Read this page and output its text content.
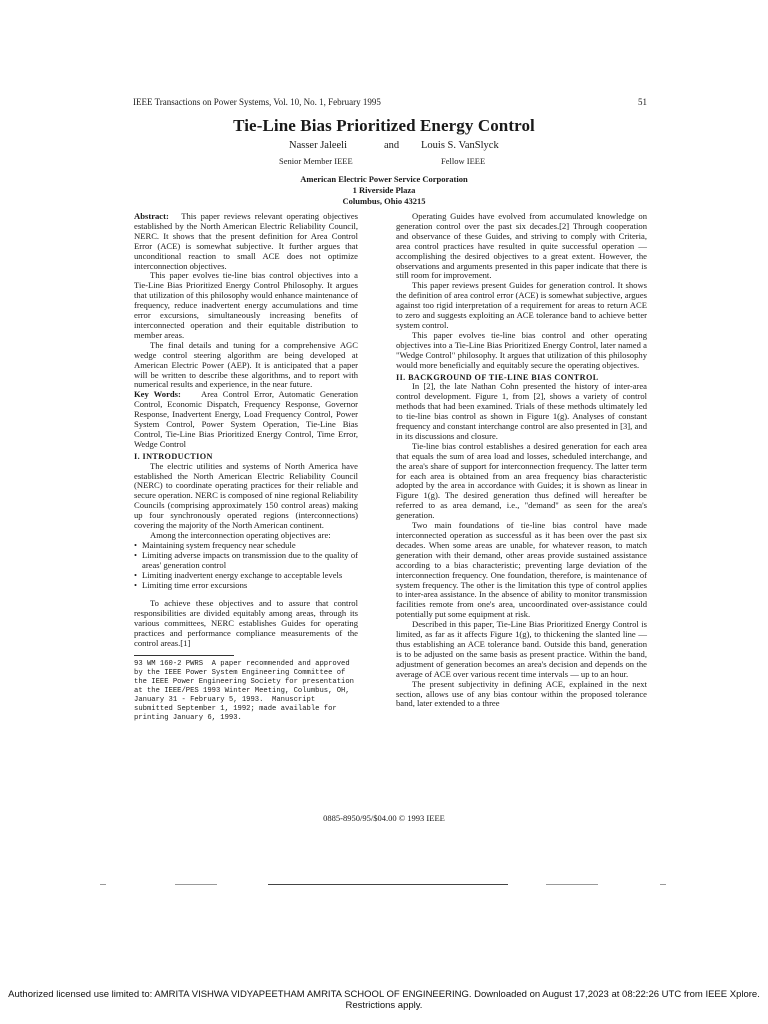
IEEE Transactions on Power Systems, Vol. 10, No. 1, February 1995	51
Tie-Line Bias Prioritized Energy Control
Nasser Jaleeli	and Louis S. VanSlyck
Senior Member IEEE	Fellow IEEE
American Electric Power Service Corporation
1 Riverside Plaza
Columbus, Ohio 43215

Abstract: This paper reviews relevant operating objectives established by the North American Electric Reliability Council, NERC. It shows that the present definition for Area Control Error (ACE) is somewhat subjective. It further argues that unconditional reaction to small ACE does not optimize interconnection objectives.

This paper evolves tie-line bias control objectives into a Tie-Line Bias Prioritized Energy Control Philosophy. It argues that utilization of this philosophy would enhance maintenance of frequency, reduce inadvertent energy accumulations and time error excursions, simultaneously increasing benefits of interconnected operation and their equitable distribution to member areas.

The final details and tuning for a comprehensive AGC wedge control steering algorithm are being developed at American Electric Power (AEP). It is anticipated that a paper will be written to describe these algorithms, and to report with numerical results and experience, in the near future.

Key Words: Area Control Error, Automatic Generation Control, Economic Dispatch, Frequency Response, Governor Response, Inadvertent Energy, Load Frequency Control, Power System Control, Power System Operation, Tie-Line Bias Control, Tie-Line Bias Prioritized Energy Control, Time Error, Wedge Control

I. INTRODUCTION

The electric utilities and systems of North America have established the North American Electric Reliability Council (NERC) to coordinate operating practices for their reliable and secure operation. NERC is composed of nine regional Reliability Councils (comprising approximately 150 control areas) making up four synchronously operated regions (interconnections) covering the majority of the North American continent.

Among the interconnection operating objectives are:

• Maintaining system frequency near schedule
• Limiting adverse impacts on transmission due to the quality of areas' generation control
• Limiting inadvertent energy exchange to acceptable levels
• Limiting time error excursions

To achieve these objectives and to assure that control responsibilities are divided equitably among areas, through its various committees, NERC establishes Guides for operating practices and performance compliance measurements of the control areas.[1]

93 WM 160-2 PWRS  A paper recommended and approved by the IEEE Power System Engineering Committee of the IEEE Power Engineering Society for presentation at the IEEE/PES 1993 Winter Meeting, Columbus, OH, January 31 - February 5, 1993.  Manuscript submitted September 1, 1992; made available for printing January 6, 1993.

Operating Guides have evolved from accumulated knowledge on generation control over the past six decades.[2] Through cooperation and observance of these Guides, and striving to comply with Criteria, area control practices have resulted in quite successful operation — accomplishing the desired objectives to a great extent. However, the observations and arguments presented in this paper indicate that there is still room for improvement.

This paper reviews present Guides for generation control. It shows the definition of area control error (ACE) is somewhat subjective, argues against too rigid interpretation of a requirement for areas to return ACE to zero and suggests exploiting an ACE tolerance band to achieve better system control.

This paper evolves tie-line bias control and other operating objectives into a Tie-Line Bias Prioritized Energy Control, later named a "Wedge Control" philosophy. It argues that utilization of this philosophy would more beneficially and equitably secure the operating objectives.

II. BACKGROUND OF TIE-LINE BIAS CONTROL

In [2], the late Nathan Cohn presented the history of inter-area control development. Figure 1, from [2], shows a variety of control methods that had been examined. Trials of these methods ultimately led to tie-line bias control as shown in Figure 1(g). Analyses of constant frequency and constant interchange control are also presented in [3], and in its discussions and closure.

Tie-line bias control establishes a desired generation for each area that equals the sum of area load and losses, scheduled interchange, and the area's share of support for interconnection frequency. The latter term for each area is obtained from an area frequency bias characteristic adopted by the area in accordance with Guides; it is shown as linear in Figure 1(g). The desired generation thus defined will hereafter be referred to as area demand, i.e., "demand" as seen for the area's generation.

Two main foundations of tie-line bias control have made interconnected operation as successful as it has been over the past six decades. When some areas are unable, for whatever reason, to match generation with their demand, other areas provide sustained assistance according to a bias characteristic; preventing large deviation of the interconnection frequency. One foundation, therefore, is maintenance of system frequency. The other is the limitation this type of control applies to inter-area assistance. In the absence of ability to monitor transmission facilities remote from one's area, uncoordinated over-assistance could potentially put some equipment at risk.

Described in this paper, Tie-Line Bias Prioritized Energy Control is limited, as far as it affects Figure 1(g), to thickening the slanted line — thus establishing an ACE tolerance band. Outside this band, generation is to be adjusted on the same basis as present practice. Within the band, adjustment of generation becomes an area's decision and depends on the average of ACE over various recent time intervals — up to an hour.

The present subjectivity in defining ACE, explained in the next section, allows use of any bias contour within the proposed tolerance band, later extended to a three

0885-8950/95/$04.00 © 1993 IEEE
Authorized licensed use limited to: AMRITA VISHWA VIDYAPEETHAM AMRITA SCHOOL OF ENGINEERING. Downloaded on August 17,2023 at 08:22:26 UTC from IEEE Xplore. Restrictions apply.
